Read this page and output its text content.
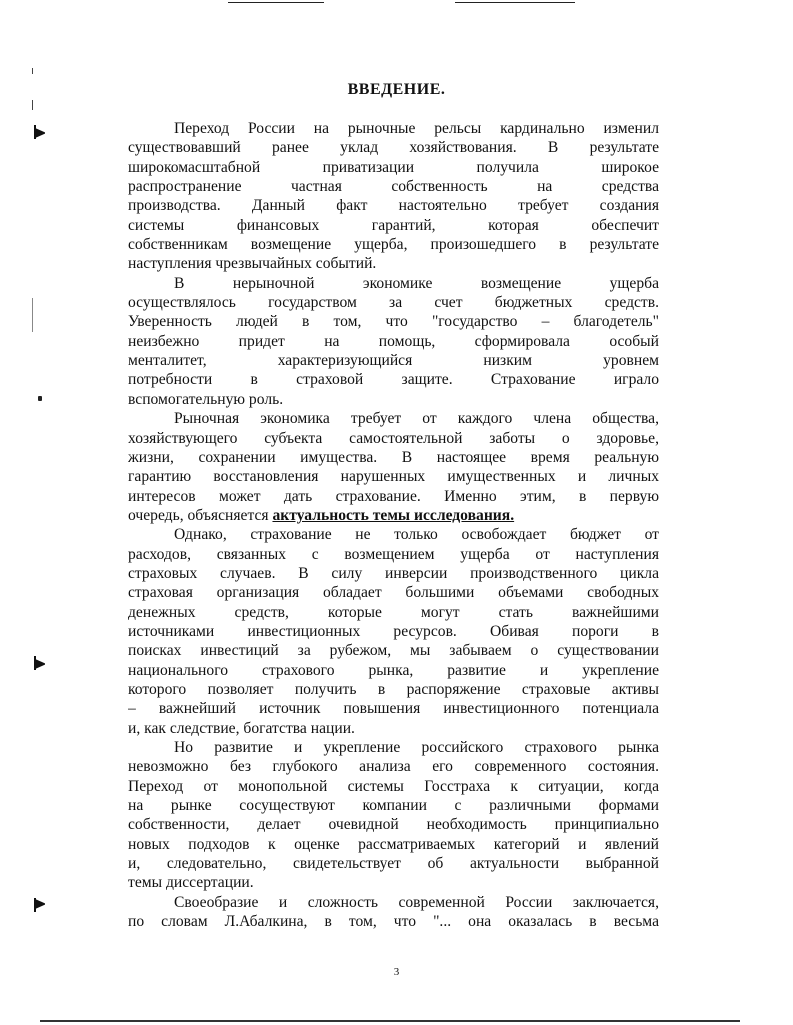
ВВЕДЕНИЕ.
Переход России на рыночные рельсы кардинально изменил
существовавший ранее уклад хозяйствования. В результате
широкомасштабной приватизации получила широкое
распространение частная собственность на средства
производства. Данный факт настоятельно требует создания
системы финансовых гарантий, которая обеспечит
собственникам возмещение ущерба, произошедшего в результате
наступления чрезвычайных событий.
В нерыночной экономике возмещение ущерба
осуществлялось государством за счет бюджетных средств.
Уверенность людей в том, что "государство – благодетель"
неизбежно придет на помощь, сформировала особый
менталитет, характеризующийся низким уровнем
потребности в страховой защите. Страхование играло
вспомогательную роль.
Рыночная экономика требует от каждого члена общества,
хозяйствующего субъекта самостоятельной заботы о здоровье,
жизни, сохранении имущества. В настоящее время реальную
гарантию восстановления нарушенных имущественных и личных
интересов может дать страхование. Именно этим, в первую
очередь, объясняется актуальность темы исследования.
Однако, страхование не только освобождает бюджет от
расходов, связанных с возмещением ущерба от наступления
страховых случаев. В силу инверсии производственного цикла
страховая организация обладает большими объемами свободных
денежных средств, которые могут стать важнейшими
источниками инвестиционных ресурсов. Обивая пороги в
поисках инвестиций за рубежом, мы забываем о существовании
национального страхового рынка, развитие и укрепление
которого позволяет получить в распоряжение страховые активы
– важнейший источник повышения инвестиционного потенциала
и, как следствие, богатства нации.
Но развитие и укрепление российского страхового рынка
невозможно без глубокого анализа его современного состояния.
Переход от монопольной системы Госстраха к ситуации, когда
на рынке сосуществуют компании с различными формами
собственности, делает очевидной необходимость принципиально
новых подходов к оценке рассматриваемых категорий и явлений
и, следовательно, свидетельствует об актуальности выбранной
темы диссертации.
Своеобразие и сложность современной России заключается,
по словам Л.Абалкина, в том, что "... она оказалась в весьма
3
